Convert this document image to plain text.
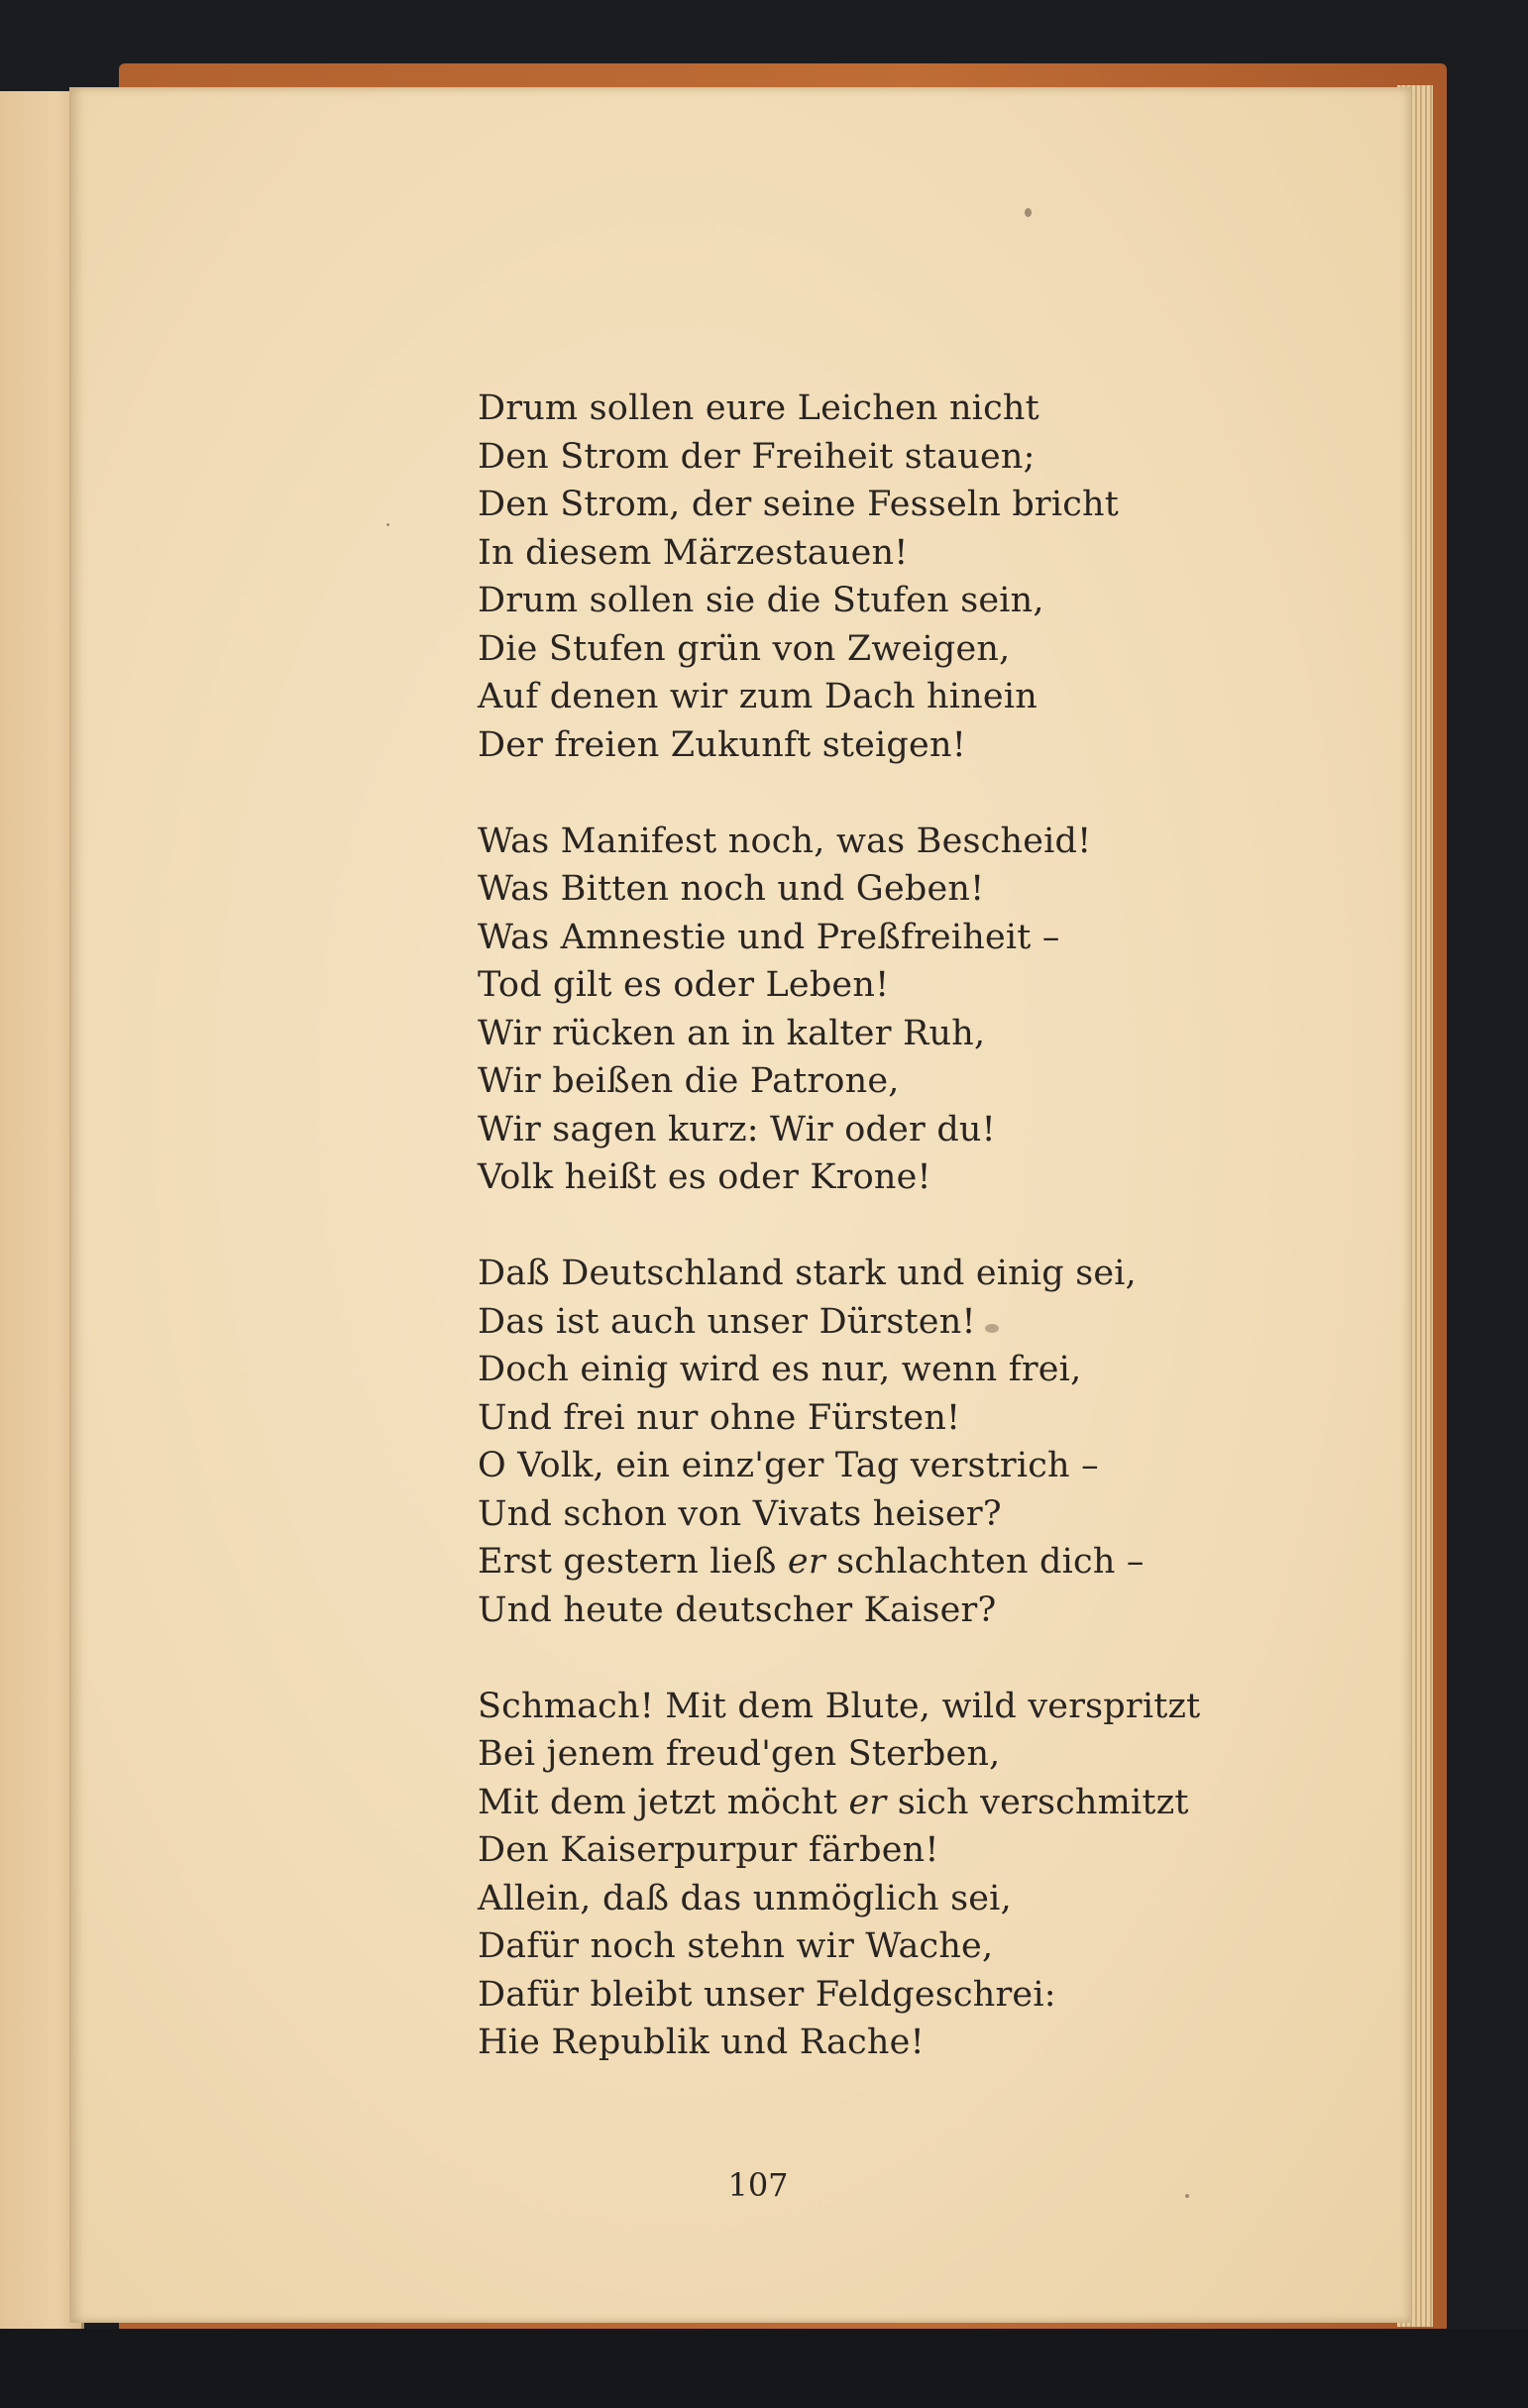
Drum sollen eure Leichen nicht
Den Strom der Freiheit stauen;
Den Strom, der seine Fesseln bricht
In diesem Märzestauen!
Drum sollen sie die Stufen sein,
Die Stufen grün von Zweigen,
Auf denen wir zum Dach hinein
Der freien Zukunft steigen!
Was Manifest noch, was Bescheid!
Was Bitten noch und Geben!
Was Amnestie und Preßfreiheit –
Tod gilt es oder Leben!
Wir rücken an in kalter Ruh,
Wir beißen die Patrone,
Wir sagen kurz: Wir oder du!
Volk heißt es oder Krone!
Daß Deutschland stark und einig sei,
Das ist auch unser Dürsten!
Doch einig wird es nur, wenn frei,
Und frei nur ohne Fürsten!
O Volk, ein einz'ger Tag verstrich –
Und schon von Vivats heiser?
Erst gestern ließ er schlachten dich –
Und heute deutscher Kaiser?
Schmach! Mit dem Blute, wild verspritzt
Bei jenem freud'gen Sterben,
Mit dem jetzt möcht er sich verschmitzt
Den Kaiserpurpur färben!
Allein, daß das unmöglich sei,
Dafür noch stehn wir Wache,
Dafür bleibt unser Feldgeschrei:
Hie Republik und Rache!
107
